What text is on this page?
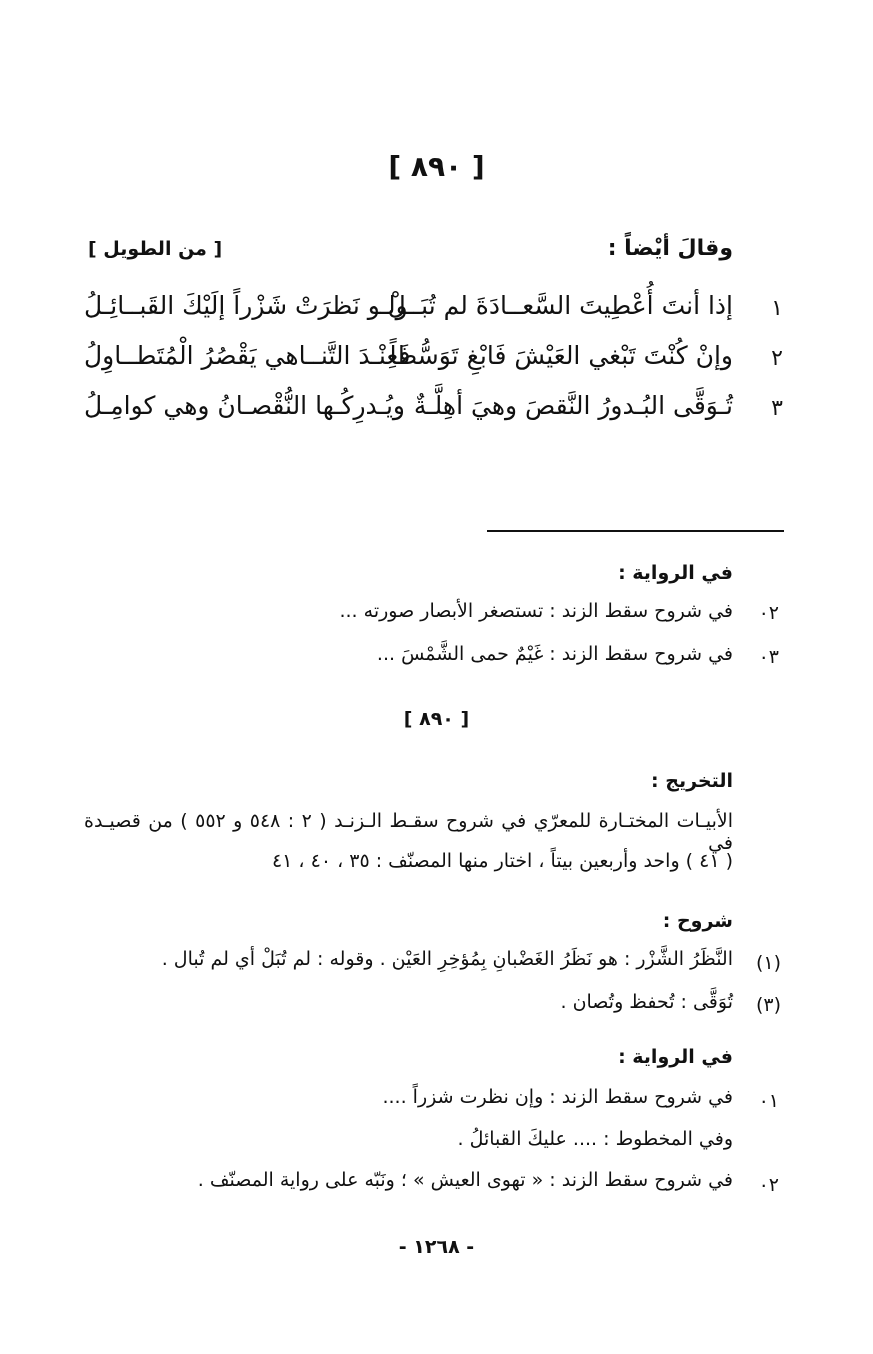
[ ٨٩٠ ]
وقالَ أيْضاً :
[ من الطويل ]
١
إذا أنتَ أُعْطِيتَ السَّعــادَةَ لم تُبَــلْ
ولـو نَظرَتْ شَزْراً إلَيْكَ القَبــائِـلُ
٢
وإنْ كُنْتَ تَبْغي العَيْشَ فَابْغِ تَوَسُّطاً
فَعِنْـدَ التَّنــاهي يَقْصُرُ الْمُتَطــاوِلُ
٣
تُـوَقَّى البُـدورُ النَّقصَ وهيَ أهِلَّـةٌ
ويُـدرِكُـها النُّقْصـانُ وهي كوامِـلُ
في الرواية :
٠٢
في شروح سقط الزند : تستصغر الأبصار صورته ...
٠٣
في شروح سقط الزند : غَيْمٌ حمى الشَّمْسَ ...
[ ٨٩٠ ]
التخريج :
الأبيـات المختـارة للمعرّي في شروح سقـط الـزنـد ( ٢ : ٥٤٨ و ٥٥٢ ) من قصيـدة في
( ٤١ ) واحد وأربعين بيتاً ، اختار منها المصنّف : ٣٥ ، ٤٠ ، ٤١
شروح :
(١)
النَّظَرُ الشَّزْر : هو نَظَرُ الغَضْبانِ بِمُؤخِرِ العَيْن . وقوله : لم تُبَلْ أي لم تُبال .
(٣)
تُوَقَّى : تُحفظ وتُصان .
في الرواية :
٠١
في شروح سقط الزند : وإن نظرت شزراً ....
وفي المخطوط : .... عليكَ القبائلُ .
٠٢
في شروح سقط الزند : « تهوى العيش » ؛ ونَبّه على رواية المصنّف .
- ١٢٦٨ -
